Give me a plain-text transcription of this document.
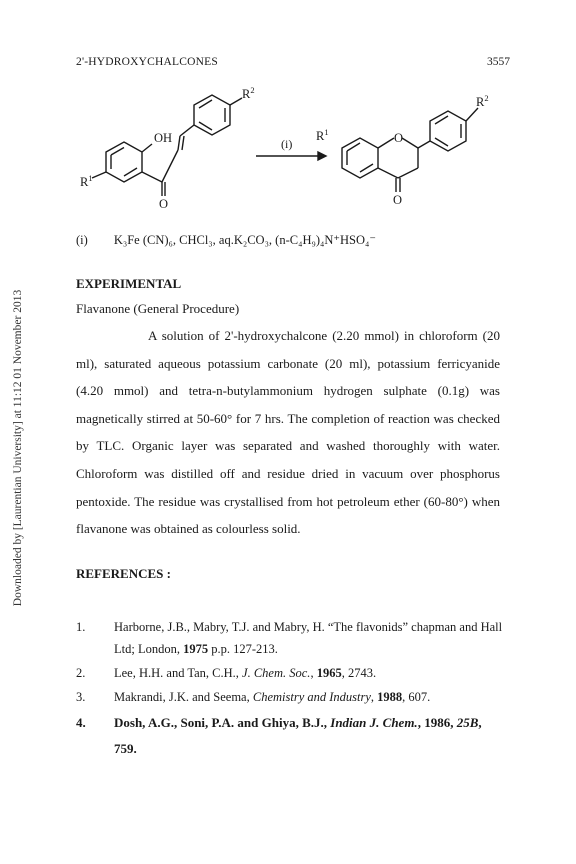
Downloaded by [Laurentian University] at 11:12 01 November 2013
2'-HYDROXYCHALCONES	3557
OH
$R^1$
$R^2$
O
(i)	O
$R^1$
$R^2$
O
(i) K₃Fe (CN)₆, CHCl₃, aq.K₂CO₃, (n-C₄H₉)₄N⁺HSO₄⁻
EXPERIMENTAL
Flavanone (General Procedure)

A solution of 2'-hydroxychalcone (2.20 mmol) in chloroform (20 ml), saturated aqueous potassium carbonate (20 ml), potassium ferricyanide (4.20 mmol) and tetra-n-butylammonium hydrogen sulphate (0.1g) was magnetically stirred at 50-60° for 7 hrs. The completion of reaction was checked by TLC. Organic layer was separated and washed thoroughly with water. Chloroform was distilled off and residue dried in vacuum over phosphorus pentoxide. The residue was crystallised from hot petroleum ether (60-80°) when flavanone was obtained as colourless solid.

REFERENCES :
1. Harborne, J.B., Mabry, T.J. and Mabry, H. “The flavonids” chapman and Hall Ltd; London, 1975 p.p. 127-213.
2. Lee, H.H. and Tan, C.H., J. Chem. Soc., 1965, 2743.
3. Makrandi, J.K. and Seema, Chemistry and Industry, 1988, 607.
4. Dosh, A.G., Soni, P.A. and Ghiya, B.J., Indian J. Chem., 1986, 25B, 759.
